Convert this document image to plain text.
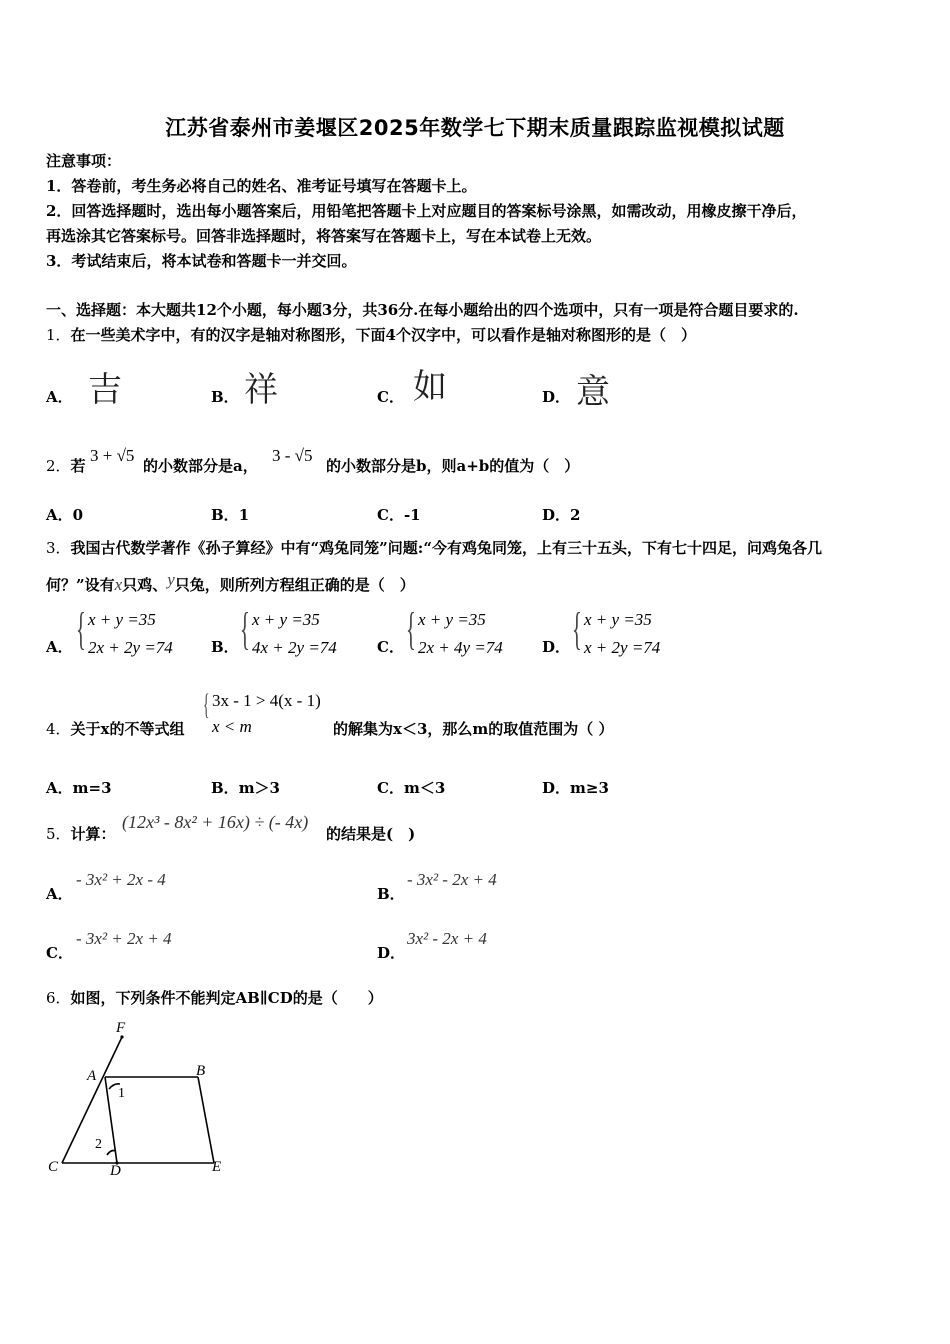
江苏省泰州市姜堰区2025年数学七下期末质量跟踪监视模拟试题
注意事项：
1．答卷前，考生务必将自己的姓名、准考证号填写在答题卡上。
2．回答选择题时，选出每小题答案后，用铅笔把答题卡上对应题目的答案标号涂黑，如需改动，用橡皮擦干净后，
再选涂其它答案标号。回答非选择题时，将答案写在答题卡上，写在本试卷上无效。
3．考试结束后，将本试卷和答题卡一并交回。
一、选择题：本大题共12个小题，每小题3分，共36分.在每小题给出的四个选项中，只有一项是符合题目要求的.
1．在一些美术字中，有的汉字是轴对称图形，下面4个汉字中，可以看作是轴对称图形的是（　）
A． 吉	B． 祥	C． 如	D． 意
2．若
3 + √5
的小数部分是a，
3 - √5
的小数部分是b，则a+b的值为（　）
A．0	B．1	C．-1	D．2
3．我国古代数学著作《孙子算经》中有“鸡兔同笼”问题:“今有鸡兔同笼，上有三十五头，下有七十四足，问鸡兔各几
何？”设有x只鸡、y只兔，则所列方程组正确的是（　）
A． { x + y =35
2x + 2y =74	B． { x + y =35
4x + 2y =74	C． { x + y =35
2x + 4y =74	D． { x + y =35
x + 2y =74
4．关于x的不等式组
{ 3x - 1 > 4(x - 1)
x < m	的解集为x＜3，那么m的取值范围为（ ）
A．m=3	B．m＞3	C．m＜3	D．m≥3
5．计算：
(12x³ - 8x² + 16x) ÷ (- 4x)
的结果是(　)
A．
- 3x² + 2x - 4
B．
- 3x² - 2x + 4
C．
- 3x² + 2x + 4
D．
3x² - 2x + 4
6．如图，下列条件不能判定AB∥CD的是（　　）
F
A	B
C	D	E
1
2
